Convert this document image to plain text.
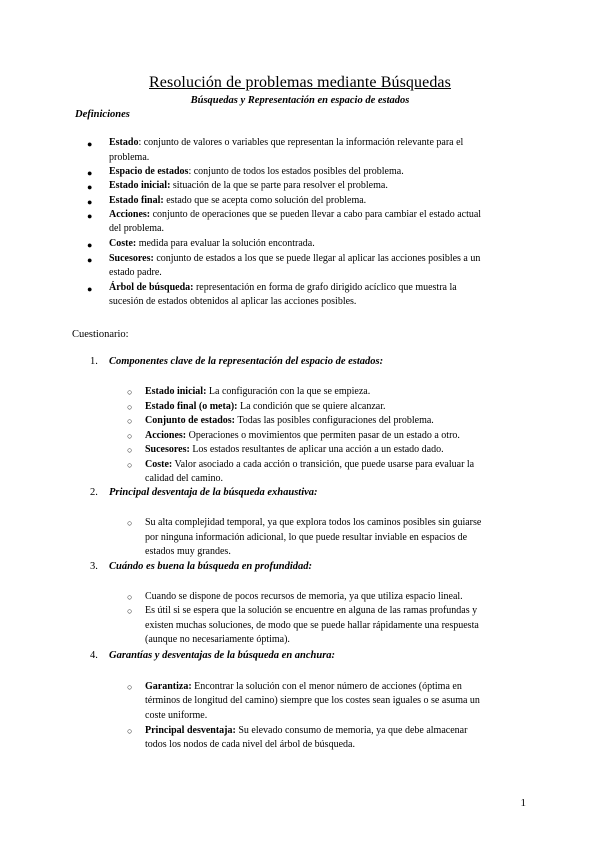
Resolución de problemas mediante Búsquedas
Búsquedas y Representación en espacio de estados
Definiciones
● Estado: conjunto de valores o variables que representan la información relevante para el
problema.
● Espacio de estados: conjunto de todos los estados posibles del problema.
● Estado inicial: situación de la que se parte para resolver el problema.
● Estado final: estado que se acepta como solución del problema.
● Acciones: conjunto de operaciones que se pueden llevar a cabo para cambiar el estado actual
del problema.
● Coste: medida para evaluar la solución encontrada.
● Sucesores: conjunto de estados a los que se puede llegar al aplicar las acciones posibles a un
estado padre.
● Árbol de búsqueda: representación en forma de grafo dirigido acíclico que muestra la
sucesión de estados obtenidos al aplicar las acciones posibles.
Cuestionario:
1. Componentes clave de la representación del espacio de estados:
○ Estado inicial: La configuración con la que se empieza.
○ Estado final (o meta): La condición que se quiere alcanzar.
○ Conjunto de estados: Todas las posibles configuraciones del problema.
○ Acciones: Operaciones o movimientos que permiten pasar de un estado a otro.
○ Sucesores: Los estados resultantes de aplicar una acción a un estado dado.
○ Coste: Valor asociado a cada acción o transición, que puede usarse para evaluar la
calidad del camino.
2. Principal desventaja de la búsqueda exhaustiva:
○ Su alta complejidad temporal, ya que explora todos los caminos posibles sin guiarse
por ninguna información adicional, lo que puede resultar inviable en espacios de
estados muy grandes.
3. Cuándo es buena la búsqueda en profundidad:
○ Cuando se dispone de pocos recursos de memoria, ya que utiliza espacio lineal.
○ Es útil si se espera que la solución se encuentre en alguna de las ramas profundas y
existen muchas soluciones, de modo que se puede hallar rápidamente una respuesta
(aunque no necesariamente óptima).
4. Garantías y desventajas de la búsqueda en anchura:
○ Garantiza: Encontrar la solución con el menor número de acciones (óptima en
términos de longitud del camino) siempre que los costes sean iguales o se asuma un
coste uniforme.
○ Principal desventaja: Su elevado consumo de memoria, ya que debe almacenar
todos los nodos de cada nivel del árbol de búsqueda.
1
